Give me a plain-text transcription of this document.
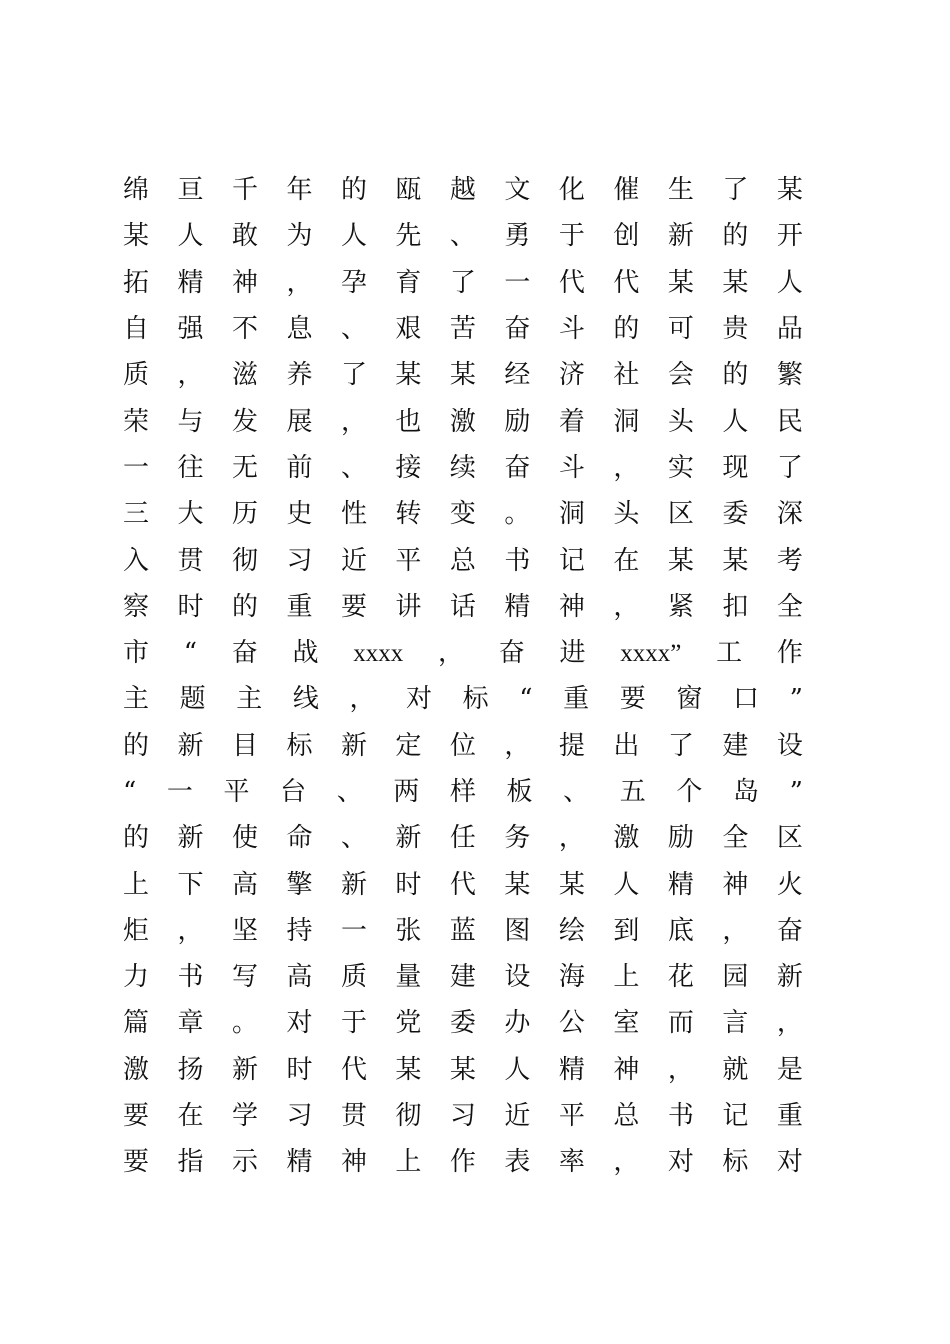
绵 亘 千 年 的 瓯 越 文 化 催 生 了 某
某 人 敢 为 人 先 、 勇 于 创 新 的 开
拓 精 神 ， 孕 育 了 一 代 代 某 某 人
自 强 不 息 、 艰 苦 奋 斗 的 可 贵 品
质 ， 滋 养 了 某 某 经 济 社 会 的 繁
荣 与 发 展 ， 也 激 励 着 洞 头 人 民
一 往 无 前 、 接 续 奋 斗 ， 实 现 了
三 大 历 史 性 转 变 。 洞 头 区 委 深
入 贯 彻 习 近 平 总 书 记 在 某 某 考
察 时 的 重 要 讲 话 精 神 ， 紧 扣 全
市 “ 奋 战 xxxx ， 奋 进 xxxx” 工 作
主 题 主 线 ， 对 标 “ 重 要 窗 口 ”
的 新 目 标 新 定 位 ， 提 出 了 建 设
“ 一 平 台 、 两 样 板 、 五 个 岛 ”
的 新 使 命 、 新 任 务 ， 激 励 全 区
上 下 高 擎 新 时 代 某 某 人 精 神 火
炬 ， 坚 持 一 张 蓝 图 绘 到 底 ， 奋
力 书 写 高 质 量 建 设 海 上 花 园 新
篇 章 。 对 于 党 委 办 公 室 而 言 ，
激 扬 新 时 代 某 某 人 精 神 ， 就 是
要 在 学 习 贯 彻 习 近 平 总 书 记 重
要 指 示 精 神 上 作 表 率 ， 对 标 对
